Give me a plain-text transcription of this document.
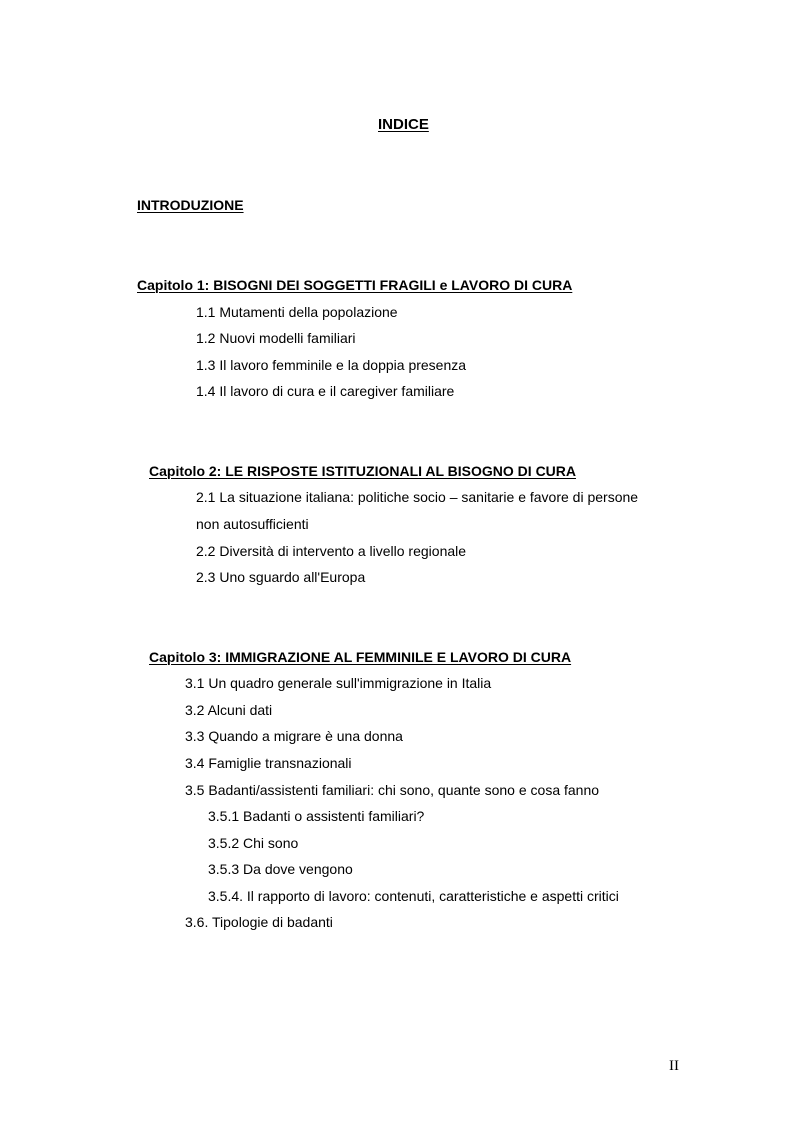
INDICE
INTRODUZIONE
Capitolo 1: BISOGNI DEI SOGGETTI FRAGILI e LAVORO DI CURA
1.1 Mutamenti della popolazione
1.2 Nuovi modelli familiari
1.3 Il lavoro femminile e la doppia presenza
1.4 Il lavoro di cura e il caregiver familiare
Capitolo 2: LE RISPOSTE ISTITUZIONALI AL BISOGNO DI CURA
2.1 La situazione italiana: politiche socio – sanitarie e favore di persone
non autosufficienti
2.2 Diversità di intervento a livello regionale
2.3 Uno sguardo all'Europa
Capitolo 3: IMMIGRAZIONE AL FEMMINILE E LAVORO DI CURA
3.1 Un quadro generale sull'immigrazione in Italia
3.2 Alcuni dati
3.3 Quando a migrare è una donna
3.4 Famiglie transnazionali
3.5 Badanti/assistenti familiari: chi sono, quante sono e cosa fanno
3.5.1 Badanti o assistenti familiari?
3.5.2 Chi sono
3.5.3 Da dove vengono
3.5.4. Il rapporto di lavoro: contenuti, caratteristiche e aspetti critici
3.6. Tipologie di badanti
II
